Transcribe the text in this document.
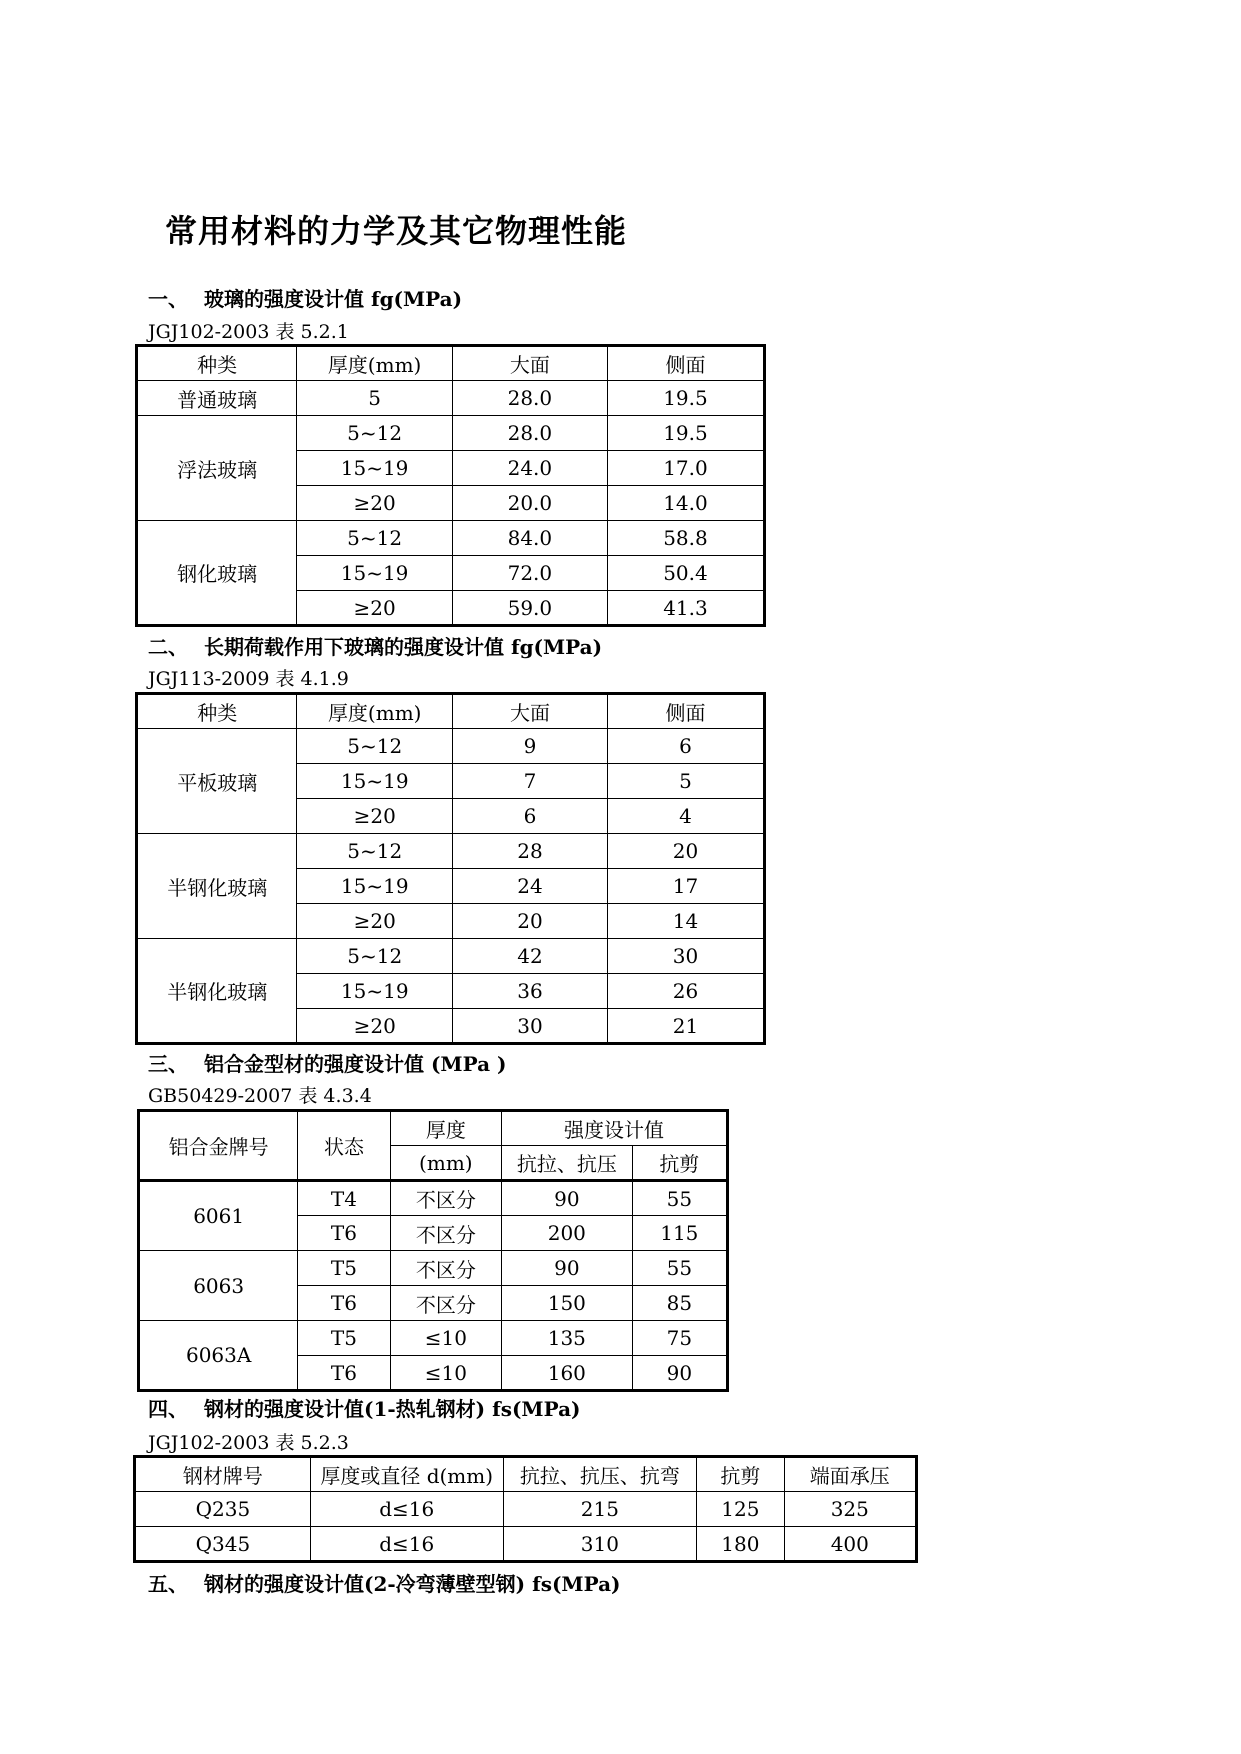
常用材料的力学及其它物理性能
一、 玻璃的强度设计值 fg(MPa)
JGJ102-2003 表 5.2.1
种类	厚度(mm)	大面	侧面
普通玻璃	5	28.0	19.5
浮法玻璃	5~12	28.0	19.5
	15~19	24.0	17.0
	≥20	20.0	14.0
钢化玻璃	5~12	84.0	58.8
	15~19	72.0	50.4
	≥20	59.0	41.3
二、 长期荷载作用下玻璃的强度设计值 fg(MPa)
JGJ113-2009 表 4.1.9
种类	厚度(mm)	大面	侧面
平板玻璃	5~12	9	6
	15~19	7	5
	≥20	6	4
半钢化玻璃	5~12	28	20
	15~19	24	17
	≥20	20	14
半钢化玻璃	5~12	42	30
	15~19	36	26
	≥20	30	21
三、 铝合金型材的强度设计值 (MPa )
GB50429-2007 表 4.3.4
铝合金牌号	状态	厚度	强度设计值	
		(mm)	抗拉、抗压	抗剪
6061	T4	不区分	90	55
	T6	不区分	200	115
6063	T5	不区分	90	55
	T6	不区分	150	85
6063A	T5	≤10	135	75
	T6	≤10	160	90
四、 钢材的强度设计值(1-热轧钢材) fs(MPa)
JGJ102-2003 表 5.2.3
钢材牌号	厚度或直径 d(mm)	抗拉、抗压、抗弯	抗剪	端面承压
Q235	d≤16	215	125	325
Q345	d≤16	310	180	400
五、 钢材的强度设计值(2-冷弯薄壁型钢) fs(MPa)
